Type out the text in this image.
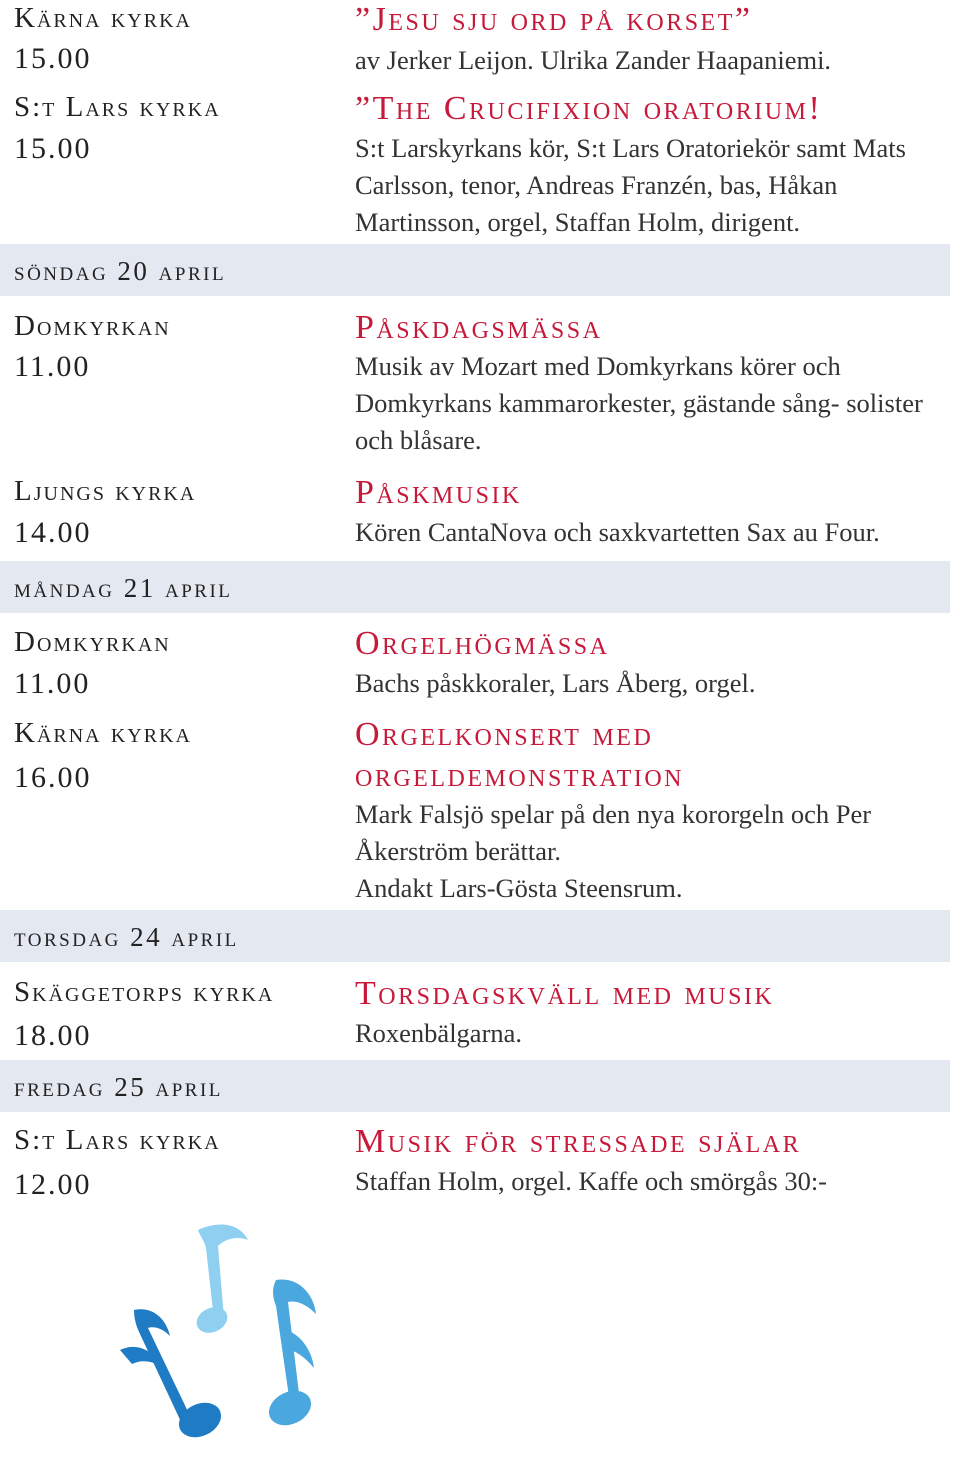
Kärna kyrka
15.00
S:t Lars kyrka
15.00
”Jesu sju ord på korset”
av Jerker Leijon. Ulrika Zander Haapaniemi.
”The Crucifixion oratorium!
S:t Larskyrkans kör, S:t Lars Oratoriekör samt Mats Carlsson, tenor, Andreas Franzén, bas, Håkan Martinsson, orgel, Staffan Holm, dirigent.
söndag 20 april
Domkyrkan
11.00
Påskdagsmässa
Musik av Mozart med Domkyrkans körer och Domkyrkans kammarorkester, gästande sång- solister och blåsare.
Ljungs kyrka
14.00
Påskmusik
Kören CantaNova och saxkvartetten Sax au Four.
måndag 21 april
Domkyrkan
11.00
Orgelhögmässa
Bachs påskkoraler, Lars Åberg, orgel.
Kärna kyrka
16.00
Orgelkonsert med
orgeldemonstration
Mark Falsjö spelar på den nya kororgeln och Per Åkerström berättar.
Andakt Lars-Gösta Steensrum.
torsdag 24 april
Skäggetorps kyrka
18.00
Torsdagskväll med musik
Roxenbälgarna.
fredag 25 april
S:t Lars kyrka
12.00
Musik för stressade själar
Staffan Holm, orgel. Kaffe och smörgås 30:-
